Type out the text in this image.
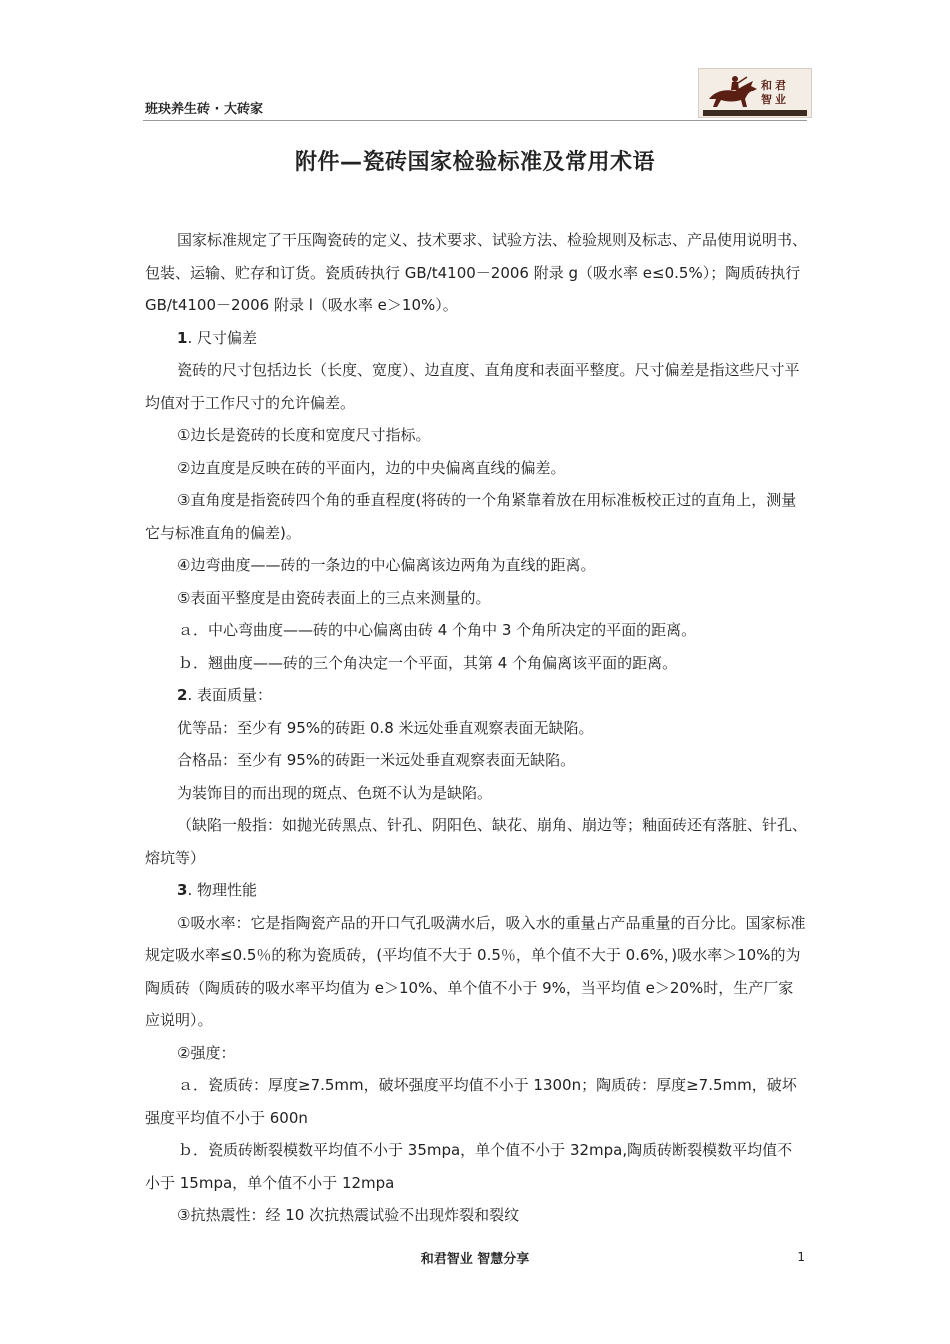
班玦养生砖 · 大砖家
和 君
智 业
附件—瓷砖国家检验标准及常用术语

国家标准规定了干压陶瓷砖的定义、技术要求、试验方法、检验规则及标志、产品使用说明书、包装、运输、贮存和订货。瓷质砖执行 GB/t4100－2006 附录 g（吸水率 e≤0.5%）；陶质砖执行 GB/t4100－2006 附录 l（吸水率 e＞10%）。

1. 尺寸偏差

瓷砖的尺寸包括边长（长度、宽度）、边直度、直角度和表面平整度。尺寸偏差是指这些尺寸平均值对于工作尺寸的允许偏差。

①边长是瓷砖的长度和宽度尺寸指标。

②边直度是反映在砖的平面内，边的中央偏离直线的偏差。

③直角度是指瓷砖四个角的垂直程度(将砖的一个角紧靠着放在用标准板校正过的直角上，测量它与标准直角的偏差)。

④边弯曲度——砖的一条边的中心偏离该边两角为直线的距离。

⑤表面平整度是由瓷砖表面上的三点来测量的。

ａ．中心弯曲度——砖的中心偏离由砖 4 个角中 3 个角所决定的平面的距离。

ｂ．翘曲度——砖的三个角决定一个平面，其第 4 个角偏离该平面的距离。

2. 表面质量：

优等品：至少有 95%的砖距 0.8 米远处垂直观察表面无缺陷。

合格品：至少有 95%的砖距一米远处垂直观察表面无缺陷。

为装饰目的而出现的斑点、色斑不认为是缺陷。

（缺陷一般指：如抛光砖黑点、针孔、阴阳色、缺花、崩角、崩边等；釉面砖还有落脏、针孔、熔坑等）

3. 物理性能

①吸水率：它是指陶瓷产品的开口气孔吸满水后，吸入水的重量占产品重量的百分比。国家标准规定吸水率≤0.5％的称为瓷质砖，(平均值不大于 0.5％，单个值不大于 0.6%，)吸水率＞10%的为陶质砖（陶质砖的吸水率平均值为 e＞10%、单个值不小于 9%，当平均值 e＞20%时，生产厂家应说明）。

②强度：

ａ．瓷质砖：厚度≥7.5mm，破坏强度平均值不小于 1300n；陶质砖：厚度≥7.5mm，破坏强度平均值不小于 600n

ｂ．瓷质砖断裂模数平均值不小于 35mpa，单个值不小于 32mpa,陶质砖断裂模数平均值不小于 15mpa，单个值不小于 12mpa

③抗热震性：经 10 次抗热震试验不出现炸裂和裂纹

和君智业 智慧分享	1
